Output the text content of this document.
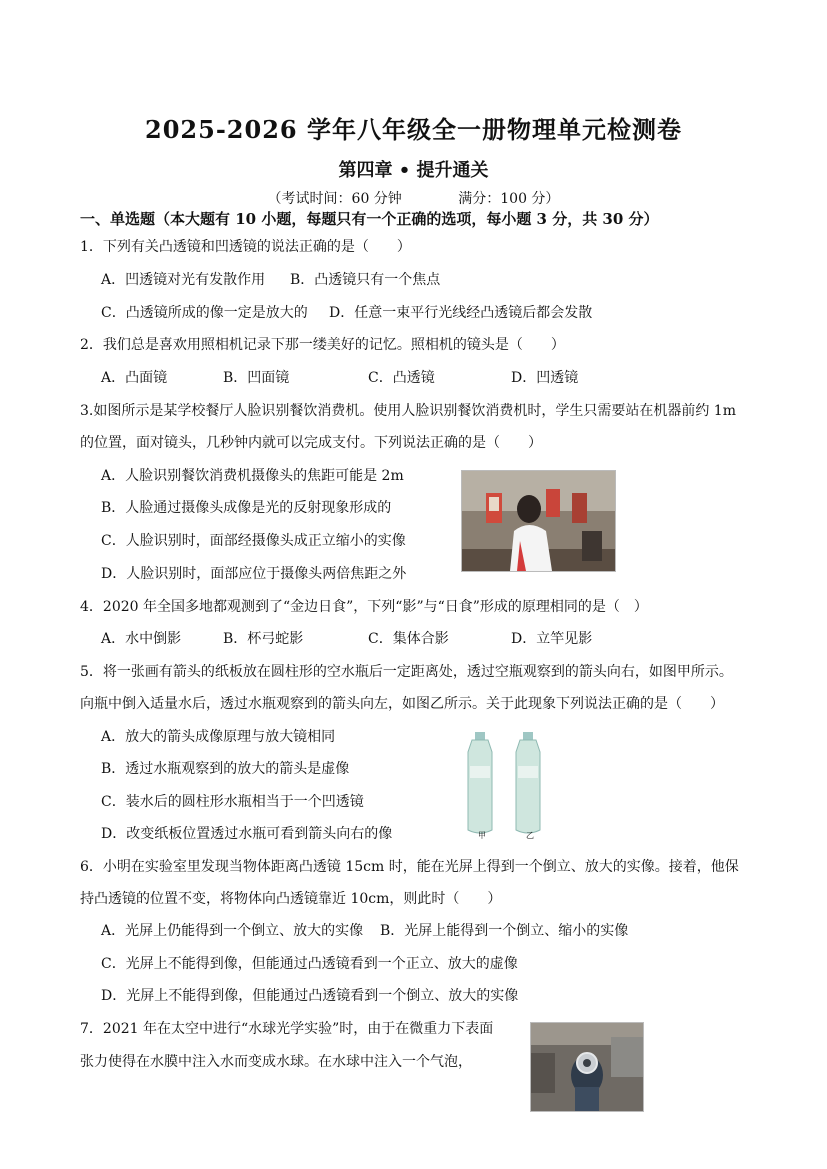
2025-2026 学年八年级全一册物理单元检测卷
第四章 • 提升通关
（考试时间：60 分钟	满分：100 分）
一、单选题（本大题有 10 小题，每题只有一个正确的选项，每小题 3 分，共 30 分）
1．下列有关凸透镜和凹透镜的说法正确的是（　　）
A．凹透镜对光有发散作用 B．凸透镜只有一个焦点
C．凸透镜所成的像一定是放大的 D．任意一束平行光线经凸透镜后都会发散
2．我们总是喜欢用照相机记录下那一缕美好的记忆。照相机的镜头是（　　）
A．凸面镜	B．凹面镜	C．凸透镜	D．凹透镜
3.如图所示是某学校餐厅人脸识别餐饮消费机。使用人脸识别餐饮消费机时，学生只需要站在机器前约 1m
的位置，面对镜头，几秒钟内就可以完成支付。下列说法正确的是（　　）
A．人脸识别餐饮消费机摄像头的焦距可能是 2m
B．人脸通过摄像头成像是光的反射现象形成的
C．人脸识别时，面部经摄像头成正立缩小的实像
D．人脸识别时，面部应位于摄像头两倍焦距之外
4．2020 年全国多地都观测到了“金边日食”，下列“影”与“日食”形成的原理相同的是（　）
A．水中倒影	B．杯弓蛇影	C．集体合影	D．立竿见影
5．将一张画有箭头的纸板放在圆柱形的空水瓶后一定距离处，透过空瓶观察到的箭头向右，如图甲所示。
向瓶中倒入适量水后，透过水瓶观察到的箭头向左，如图乙所示。关于此现象下列说法正确的是（　　）
A．放大的箭头成像原理与放大镜相同
B．透过水瓶观察到的放大的箭头是虚像
C．装水后的圆柱形水瓶相当于一个凹透镜
D．改变纸板位置透过水瓶可看到箭头向右的像	甲	乙
6．小明在实验室里发现当物体距离凸透镜 15cm 时，能在光屏上得到一个倒立、放大的实像。接着，他保
持凸透镜的位置不变，将物体向凸透镜靠近 10cm，则此时（　　）
A．光屏上仍能得到一个倒立、放大的实像 B．光屏上能得到一个倒立、缩小的实像
C．光屏上不能得到像，但能通过凸透镜看到一个正立、放大的虚像
D．光屏上不能得到像，但能通过凸透镜看到一个倒立、放大的实像
7．2021 年在太空中进行“水球光学实验”时，由于在微重力下表面
张力使得在水膜中注入水而变成水球。在水球中注入一个气泡，
